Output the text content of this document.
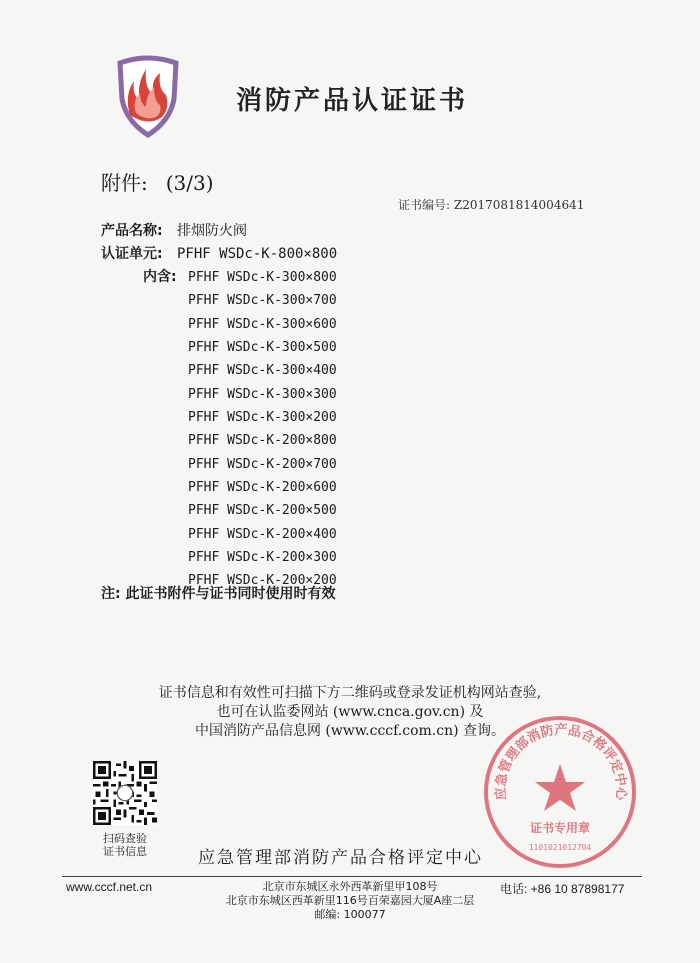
消防产品认证证书
附件: (3/3)
证书编号: Z2017081814004641
产品名称: 排烟防火阀
认证单元: PFHF WSDc-K-800×800
内含: PFHF WSDc-K-300×800
PFHF WSDc-K-300×700
PFHF WSDc-K-300×600
PFHF WSDc-K-300×500
PFHF WSDc-K-300×400
PFHF WSDc-K-300×300
PFHF WSDc-K-300×200
PFHF WSDc-K-200×800
PFHF WSDc-K-200×700
PFHF WSDc-K-200×600
PFHF WSDc-K-200×500
PFHF WSDc-K-200×400
PFHF WSDc-K-200×300
PFHF WSDc-K-200×200
注: 此证书附件与证书同时使用时有效
证书信息和有效性可扫描下方二维码或登录发证机构网站查验,
也可在认监委网站 (www.cnca.gov.cn) 及
中国消防产品信息网 (www.cccf.com.cn) 查询。
扫码查验
证书信息	应急管理部消防产品合格评定中心
应急管理部消防产品合格评定中心
证书专用章
1101021012704
www.cccf.net.cn	北京市东城区永外西革新里甲108号
北京市东城区西革新里116号百荣嘉园大厦A座二层
邮编: 100077
电话: +86 10 87898177
